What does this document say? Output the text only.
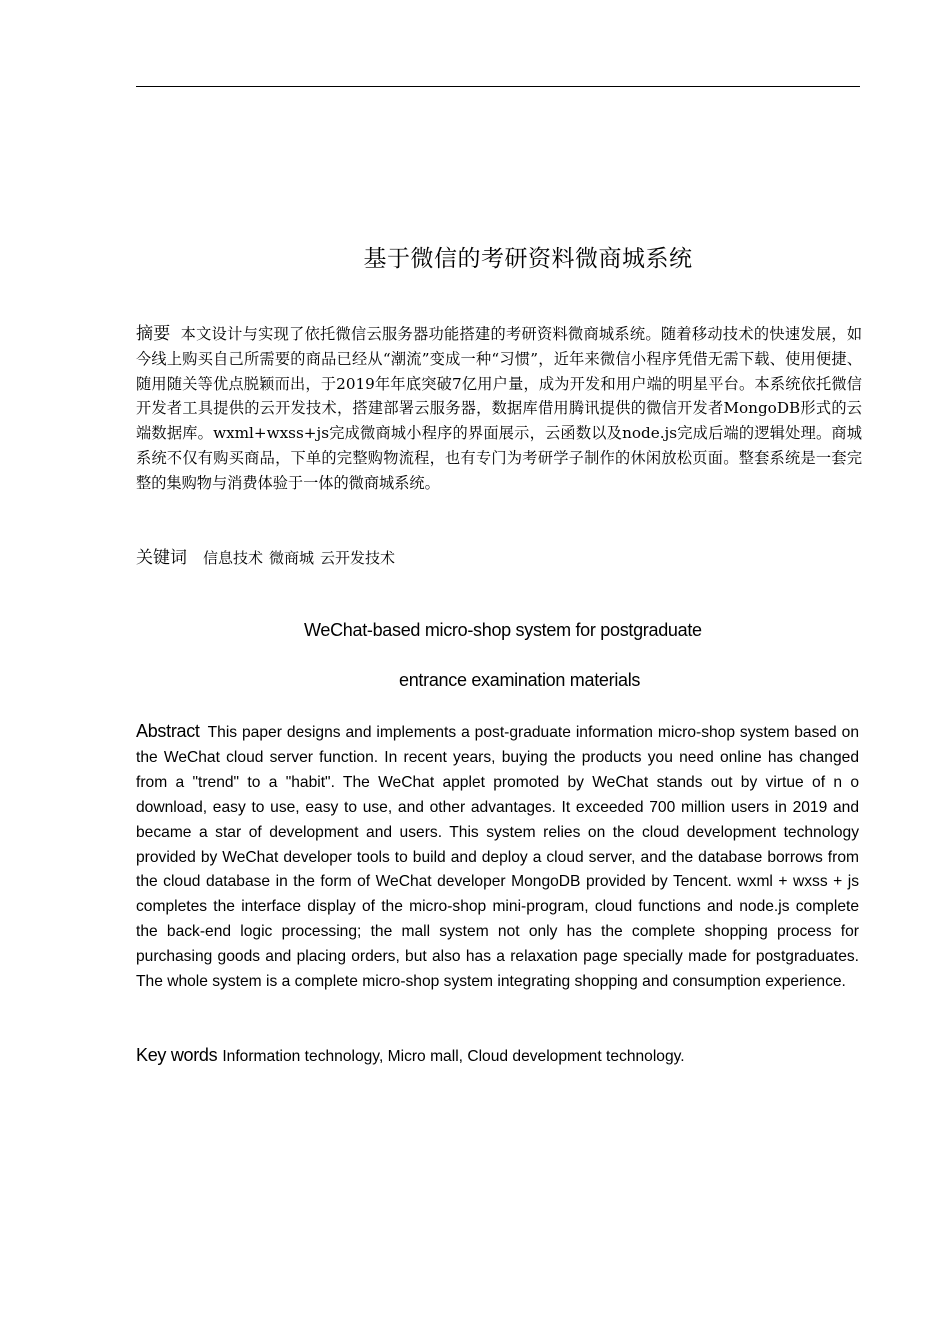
基于微信的考研资料微商城系统
摘要 本文设计与实现了依托微信云服务器功能搭建的考研资料微商城系统。随着移动技术的快速发展，如今线上购买自己所需要的商品已经从“潮流”变成一种“习惯”，近年来微信小程序凭借无需下载、使用便捷、随用随关等优点脱颖而出，于2019年年底突破7亿用户量，成为开发和用户端的明星平台。本系统依托微信开发者工具提供的云开发技术，搭建部署云服务器，数据库借用腾讯提供的微信开发者MongoDB形式的云端数据库。wxml+wxss+js完成微商城小程序的界面展示，云函数以及node.js完成后端的逻辑处理。商城系统不仅有购买商品，下单的完整购物流程，也有专门为考研学子制作的休闲放松页面。整套系统是一套完整的集购物与消费体验于一体的微商城系统。
关键词 信息技术 微商城 云开发技术
WeChat-based micro-shop system for postgraduate
entrance examination materials
Abstract This paper designs and implements a post-graduate information micro-shop system based on the WeChat cloud server function. In recent years, buying the products you need online has changed from a "trend" to a "habit". The WeChat applet promoted by WeChat stands out by virtue of n o download, easy to use, easy to use, and other advantages. It exceeded 700 million users in 2019 and became a star of development and users. This system relies on the cloud development technology provided by WeChat developer tools to build and deploy a cloud server, and the database borrows from the cloud database in the form of WeChat developer MongoDB provided by Tencent. wxml + wxss + js completes the interface display of the micro-shop mini-program, cloud functions and node.js complete the back-end logic processing; the mall system not only has the complete shopping process for purchasing goods and placing orders, but also has a relaxation page specially made for postgraduates. The whole system is a complete micro-shop system integrating shopping and consumption experience.
Key words Information technology, Micro mall, Cloud development technology.
